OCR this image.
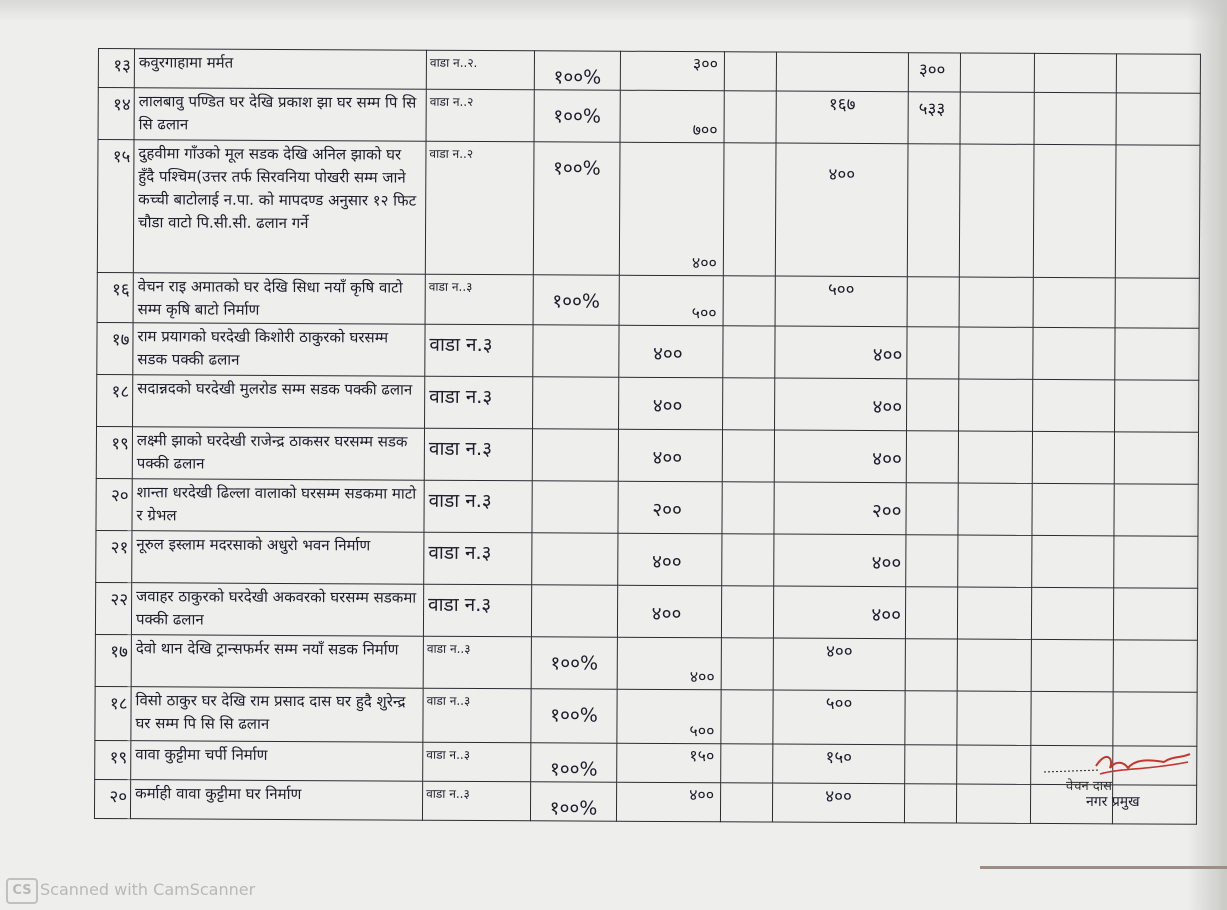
१३	कवुरगाहामा मर्मत	वाडा न..२.	१००%	३००			३००			
१४	लालबावु पण्डित घर देखि प्रकाश झा घर सम्म पि सि सि ढलान	वाडा न..२	१००%	७००		१६७	५३३			
१५	दुहवीमा गाँउको मूल सडक देखि अनिल झाको घर हुँदै पश्चिम(उत्तर तर्फ सिरवनिया पोखरी सम्म जाने कच्ची बाटोलाई न.पा. को मापदण्ड अनुसार १२ फिट चौडा वाटो पि.सी.सी. ढलान गर्ने	वाडा न..२	१००%	४००		४००				
१६	वेचन राइ अमातको घर देखि सिधा नयाँ कृषि वाटो सम्म कृषि बाटो निर्माण	वाडा न..३	१००%	५००		५००				
१७	राम प्रयागको घरदेखी किशोरी ठाकुरको घरसम्म सडक पक्की ढलान	वाडा न.३		४००		४००				
१८	सदान्नदको घरदेखी मुलरोड सम्म सडक पक्की ढलान	वाडा न.३		४००		४००				
१९	लक्ष्मी झाको घरदेखी राजेन्द्र ठाकसर घरसम्म सडक पक्की ढलान	वाडा न.३		४००		४००				
२०	शान्ता धरदेखी ढिल्ला वालाको घरसम्म सडकमा माटो र ग्रेभल	वाडा न.३		२००		२००				
२१	नूरुल इस्लाम मदरसाको अधुरो भवन निर्माण	वाडा न.३		४००		४००				
२२	जवाहर ठाकुरको घरदेखी अकवरको घरसम्म सडकमा पक्की ढलान	वाडा न.३		४००		४००				
१७	देवो थान देखि ट्रान्सफर्मर सम्म नयाँ सडक निर्माण	वाडा न..३	१००%	४००		४००				
१८	विसो ठाकुर घर देखि राम प्रसाद दास घर हुदै शुरेन्द्र घर सम्म पि सि सि ढलान	वाडा न..३	१००%	५००		५००				
१९	वावा कुट्टीमा चर्पी निर्माण	वाडा न..३	१००%	१५०		१५०				
२०	कर्माही वावा कुट्टीमा घर निर्माण	वाडा न..३	१००%	४००		४००				
वेचन दास
नगर प्रमुख
CS Scanned with CamScanner
